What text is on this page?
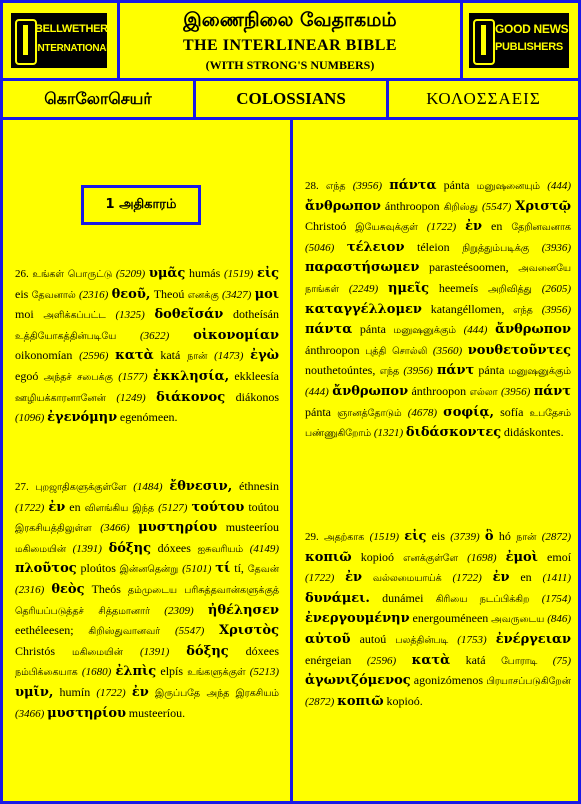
BELLWETHER
INTERNATIONAL
இணைநிலை வேதாகமம்
THE INTERLINEAR BIBLE
(WITH STRONG'S NUMBERS)
GOOD NEWS
PUBLISHERS
கொலோசெயர்	COLOSSIANS	ΚΟΛΟΣΣΑΕΙΣ
1 அதிகாரம்
26. உங்கள் பொருட்டு (5209) υμᾶς humás (1519) εἰς eis தேவனால் (2316) θεοῦ, Theoú எனக்கு (3427) μοι moi அளிக்கப்பட்ட (1325) δοθεῖσάν dotheísán உத்தியோகத்தின்படியே (3622) οἰκονομίαν oikonomían (2596) κατὰ katá நான் (1473) ἐγὼ egoó அந்தச் சபைக்கு (1577) ἐκκλησία, ekkleesía ஊழியக்காரனானேன் (1249) διάκονος diákonos (1096) ἐγενόμην egenómeen.
27. புறஜாதிகளுக்குள்ளே (1484) ἔθνεσιν, éthnesin (1722) ἐν en விளங்கிய இந்த (5127) τούτου toútou இரகசியத்திலுள்ள (3466) μυστηρίου musteeríou மகிமையின் (1391) δόξης dóxees ஐசுவரியம் (4149) πλοῦτος ploútos இன்னதென்று (5101) τί tí, தேவன் (2316) θεὸς Theós தம்முடைய பரிசுத்தவான்களுக்குத் தெரியப்படுத்தச் சித்தமானார் (2309) ἠθέλησεν eethéleesen; கிறிஸ்துவானவர் (5547) Χριστὸς Christós மகிமையின் (1391) δόξης dóxees நம்பிக்கையாக (1680) ἐλπὶς elpís உங்களுக்குள் (5213) υμῖν, humín (1722) ἐν இருப்பதே அந்த இரகசியம் (3466) μυστηρίου musteeríou.
28. எந்த (3956) πάντα pánta மனுஷனையும் (444) ἄνθρωπον ánthroopon கிறிஸ்து (5547) Χριστῷ Christoó இயேசுவுக்குள் (1722) ἐν en தேறினவனாக (5046) τέλειον téleion நிறுத்தும்படிக்கு (3936) παραστήσωμεν parasteésoomen, அவனையே நாங்கள் (2249) ημεῖς heemeís அறிவித்து (2605) καταγγέλλομεν katangéllomen, எந்த (3956) πάντα pánta மனுஷனுக்கும் (444) ἄνθρωπον ánthroopon புத்தி சொல்லி (3560) νουθετοῦντες nouthetoúntes, எந்த (3956) πάντ pánta மனுஷனுக்கும் (444) ἄνθρωπον ánthroopon எல்லா (3956) πάντ pánta ஞானத்தோடும் (4678) σοφίᾳ, sofía உபதேசம் பண்ணுகிறோம் (1321) διδάσκοντες didáskontes.
29. அதற்காக (1519) εἰς eis (3739) ὃ hó நான் (2872) κοπιῶ kopioó எனக்குள்ளே (1698) ἐμοὶ emoí (1722) ἐν வல்லமையாய்க் (1722) ἐν en (1411) δυνάμει. dunámei கிரியை நடப்பிக்கிற (1754) ἐνεργουμένην energouméneen அவருடைய (846) αὐτοῦ autoú பலத்தின்படி (1753) ἐνέργειαν enérgeian (2596) κατὰ katá போராடி (75) ἀγωνιζόμενος agonizómenos பிரயாசப்படுகிறேன் (2872) κοπιῶ kopioó.
